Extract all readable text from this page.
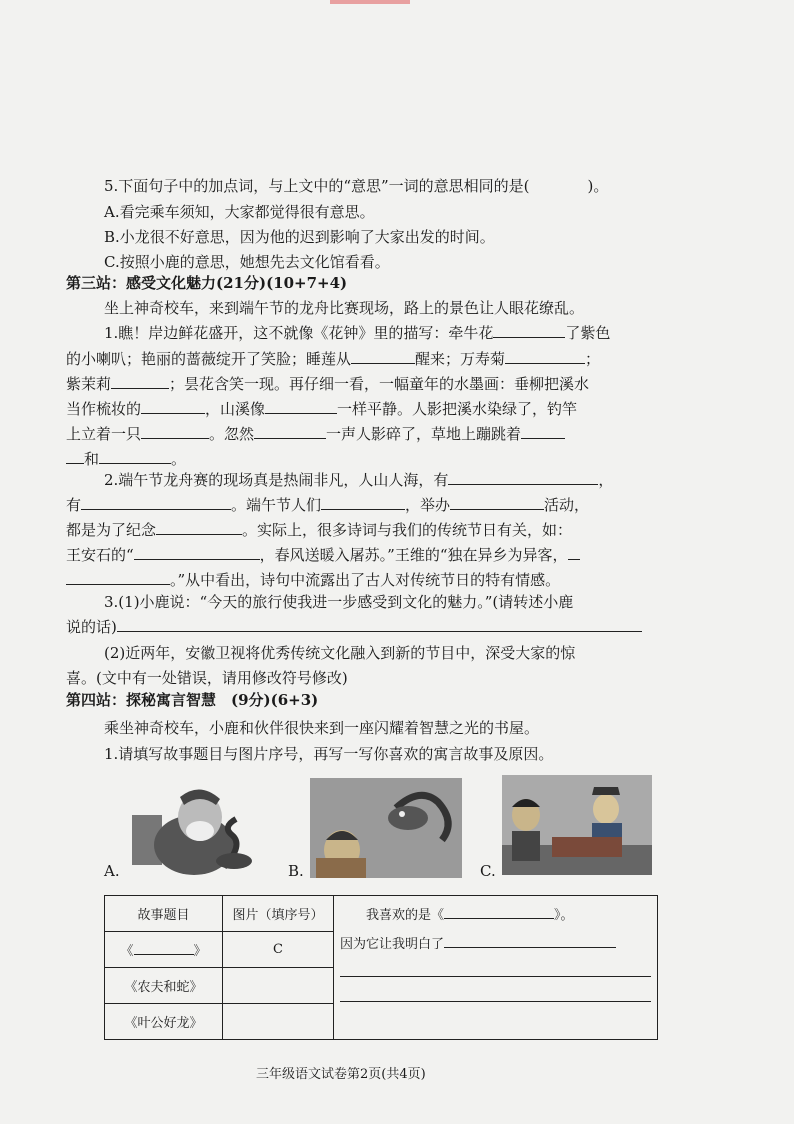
5.下面句子中的加点词，与上文中的“意思”一词的意思相同的是(	)。
A.看完乘车须知，大家都觉得很有意思。
B.小龙很不好意思，因为他的迟到影响了大家出发的时间。
C.按照小鹿的意思，她想先去文化馆看看。
第三站：感受文化魅力(21分)(10+7+4)
坐上神奇校车，来到端午节的龙舟比赛现场，路上的景色让人眼花缭乱。
1.瞧！岸边鲜花盛开，这不就像《花钟》里的描写：牵牛花	了紫色
的小喇叭；艳丽的蔷薇绽开了笑脸；睡莲从	醒来；万寿菊	；
紫茉莉	；昙花含笑一现。再仔细一看，一幅童年的水墨画：垂柳把溪水
当作梳妆的	，山溪像	一样平静。人影把溪水染绿了，钓竿
上立着一只	。忽然	一声人影碎了，草地上蹦跳着
和	。
2.端午节龙舟赛的现场真是热闹非凡，人山人海，有	，
有	。端午节人们	，举办	活动，
都是为了纪念	。实际上，很多诗词与我们的传统节日有关，如：
王安石的“	，春风送暖入屠苏。”王维的“独在异乡为异客，
。”从中看出，诗句中流露出了古人对传统节日的特有情感。
3.(1)小鹿说：“今天的旅行使我进一步感受到文化的魅力。”(请转述小鹿
说的话)
(2)近两年，安徽卫视将优秀传统文化融入到新的节目中，深受大家的惊
喜。(文中有一处错误，请用修改符号修改)
第四站：探秘寓言智慧　(9分)(6+3)
乘坐神奇校车，小鹿和伙伴很快来到一座闪耀着智慧之光的书屋。
1.请填写故事题目与图片序号，再写一写你喜欢的寓言故事及原因。
A.	B.	C.
故事题目	图片（填序号）	我喜欢的是《 》。
因为它让我明白了

《 》	C	
《农夫和蛇》		
《叶公好龙》		
三年级语文试卷第2页(共4页)
